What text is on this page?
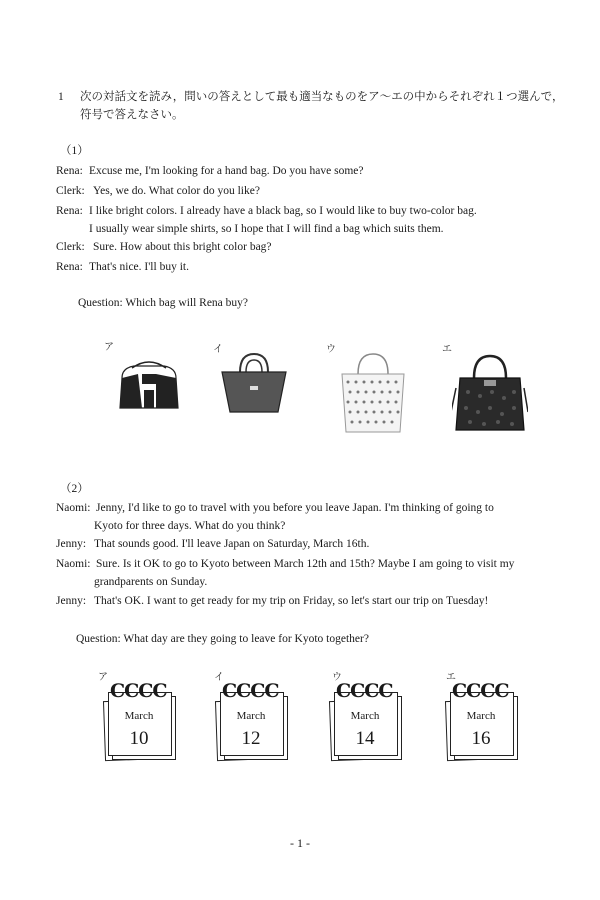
1 次の対話文を読み，問いの答えとして最も適当なものをア～エの中からそれぞれ１つ選んで，
符号で答えなさい。
（1）
Rena: Excuse me, I'm looking for a hand bag. Do you have some?
Clerk: Yes, we do. What color do you like?
Rena: I like bright colors. I already have a black bag, so I would like to buy two-color bag.
I usually wear simple shirts, so I hope that I will find a bag which suits them.
Clerk: Sure. How about this bright color bag?
Rena: That's nice. I'll buy it.
Question: Which bag will Rena buy?
ア	イ	ウ	エ
（2）
Naomi: Jenny, I'd like to go to travel with you before you leave Japan. I'm thinking of going to
Kyoto for three days. What do you think?
Jenny: That sounds good. I'll leave Japan on Saturday, March 16th.
Naomi: Sure. Is it OK to go to Kyoto between March 12th and 15th? Maybe I am going to visit my
grandparents on Sunday.
Jenny: That's OK. I want to get ready for my trip on Friday, so let's start our trip on Tuesday!
Question: What day are they going to leave for Kyoto together?
ア	イ	ウ	エ
CCCC
March
10
CCCC
March
12
CCCC
March
14
CCCC
March
16
- 1 -
